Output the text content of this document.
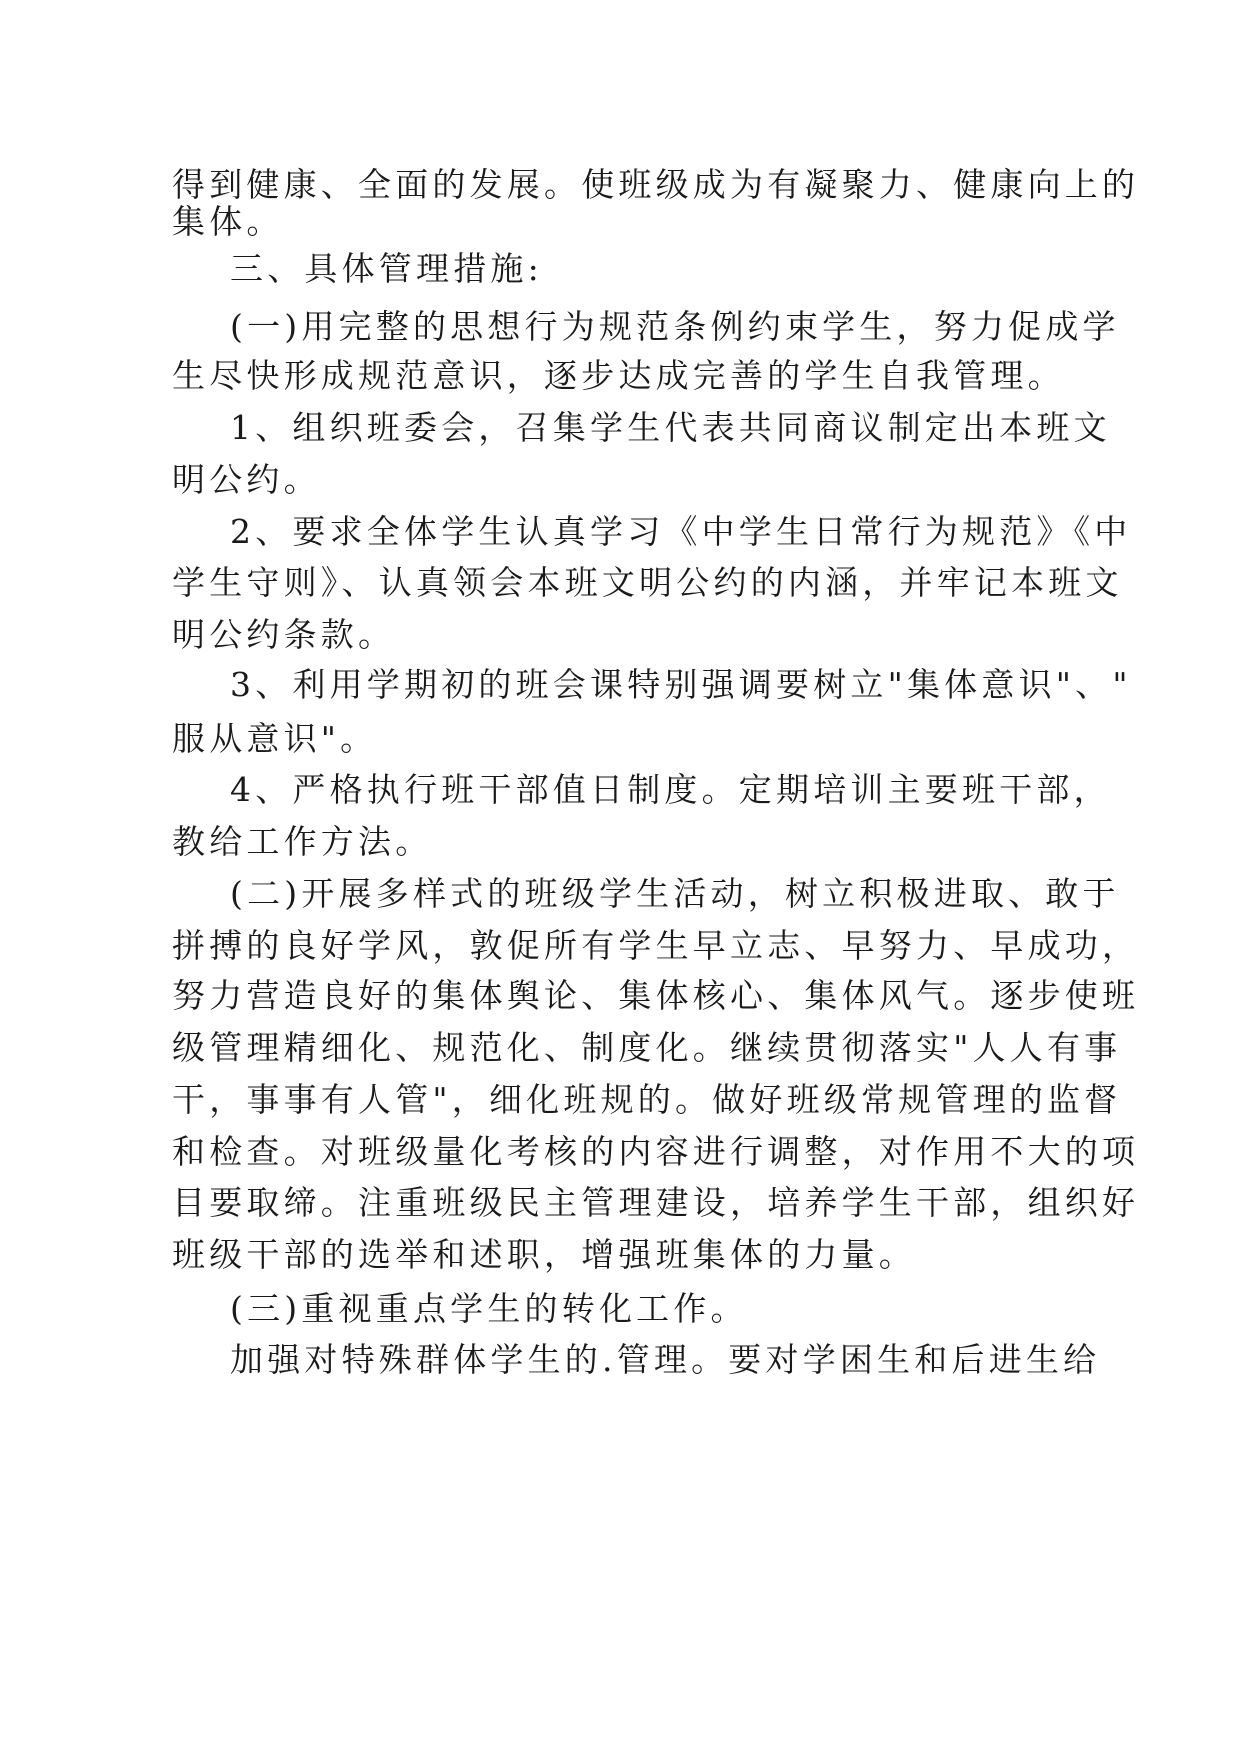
得到健康、全面的发展。使班级成为有凝聚力、健康向上的
集体。
三、具体管理措施:
(一)用完整的思想行为规范条例约束学生，努力促成学
生尽快形成规范意识，逐步达成完善的学生自我管理。
1、组织班委会，召集学生代表共同商议制定出本班文
明公约。
2、要求全体学生认真学习《中学生日常行为规范》《中
学生守则》、认真领会本班文明公约的内涵，并牢记本班文
明公约条款。
3、利用学期初的班会课特别强调要树立"集体意识"、"
服从意识"。
4、严格执行班干部值日制度。定期培训主要班干部，
教给工作方法。
(二)开展多样式的班级学生活动，树立积极进取、敢于
拼搏的良好学风，敦促所有学生早立志、早努力、早成功，
努力营造良好的集体舆论、集体核心、集体风气。逐步使班
级管理精细化、规范化、制度化。继续贯彻落实"人人有事
干，事事有人管"，细化班规的。做好班级常规管理的监督
和检查。对班级量化考核的内容进行调整，对作用不大的项
目要取缔。注重班级民主管理建设，培养学生干部，组织好
班级干部的选举和述职，增强班集体的力量。
(三)重视重点学生的转化工作。
加强对特殊群体学生的.管理。要对学困生和后进生给
